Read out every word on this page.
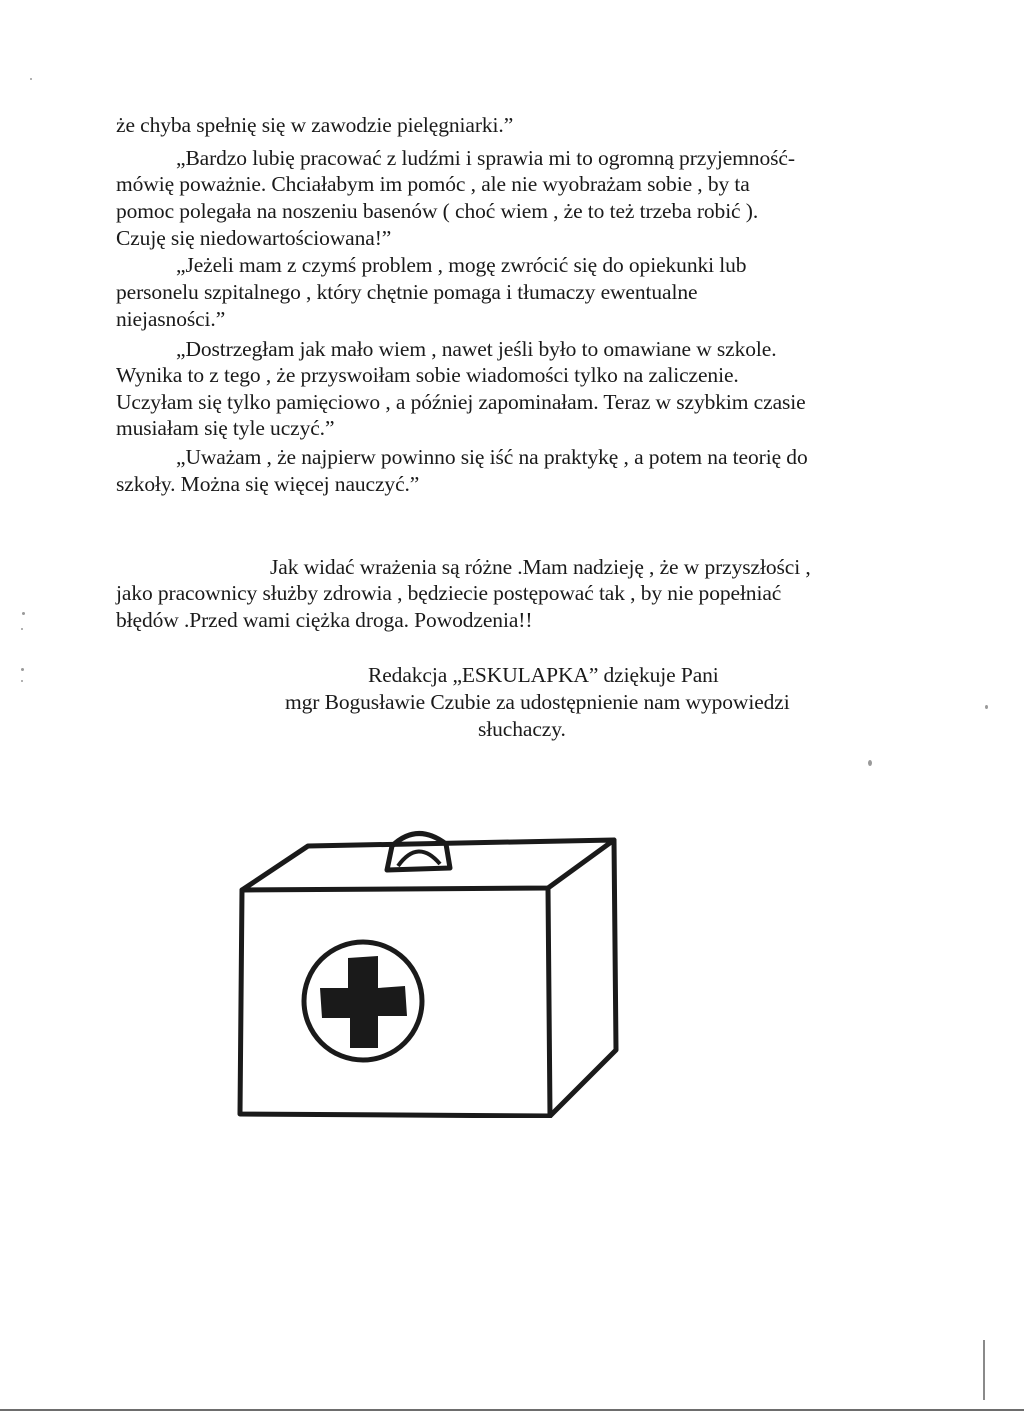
że chyba spełnię się w zawodzie pielęgniarki.”
„Bardzo lubię pracować z ludźmi i sprawia mi to ogromną przyjemność-
mówię poważnie. Chciałabym im pomóc , ale nie wyobrażam sobie , by ta
pomoc polegała na noszeniu basenów ( choć wiem , że to też trzeba robić ).
Czuję się niedowartościowana!”
„Jeżeli mam z czymś problem , mogę zwrócić się do opiekunki lub
personelu szpitalnego , który chętnie pomaga i tłumaczy ewentualne
niejasności.”
„Dostrzegłam jak mało wiem , nawet jeśli było to omawiane w szkole.
Wynika to z tego , że przyswoiłam sobie wiadomości tylko na zaliczenie.
Uczyłam się tylko pamięciowo , a później zapominałam. Teraz w szybkim czasie
musiałam się tyle uczyć.”
„Uważam , że najpierw powinno się iść na praktykę , a potem na teorię do
szkoły. Można się więcej nauczyć.”
Jak widać wrażenia są różne .Mam nadzieję , że w przyszłości ,
jako pracownicy służby zdrowia , będziecie postępować tak , by nie popełniać
błędów .Przed wami ciężka droga. Powodzenia!!
Redakcja „ESKULAPKA” dziękuje Pani
mgr Bogusławie Czubie za udostępnienie nam wypowiedzi
słuchaczy.
